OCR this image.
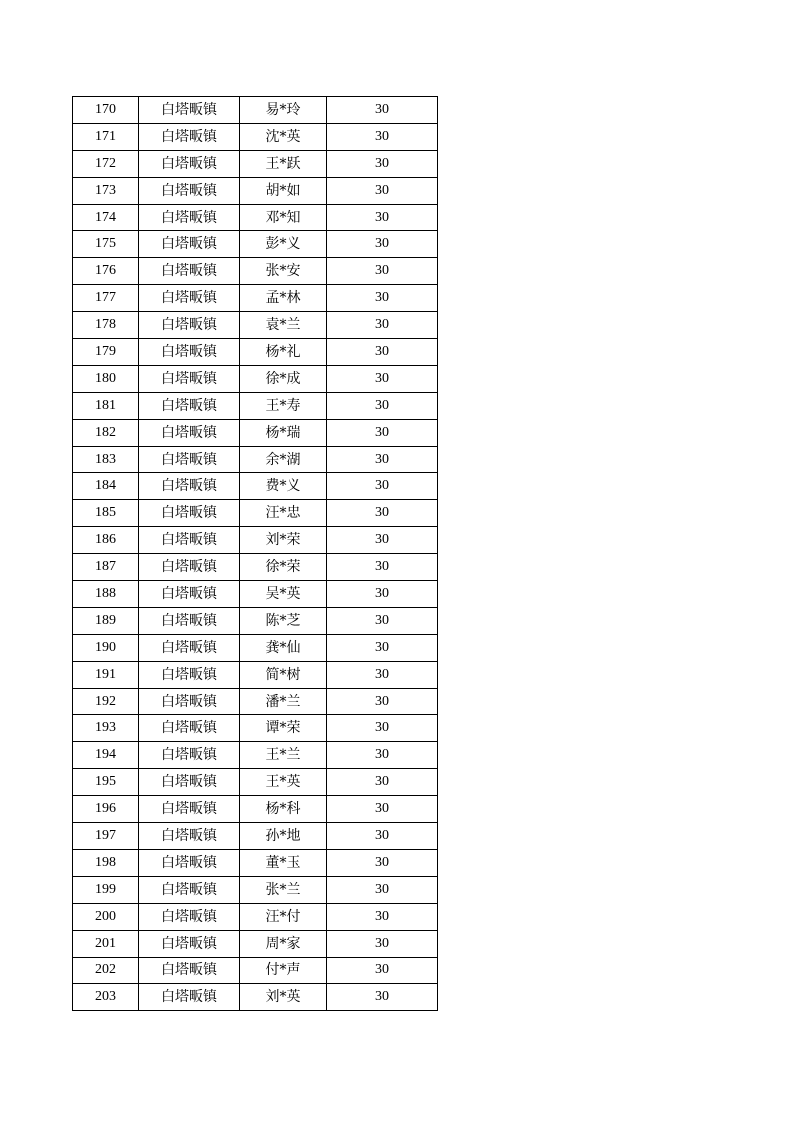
170	白塔畈镇	易*玲	30
171	白塔畈镇	沈*英	30
172	白塔畈镇	王*跃	30
173	白塔畈镇	胡*如	30
174	白塔畈镇	邓*知	30
175	白塔畈镇	彭*义	30
176	白塔畈镇	张*安	30
177	白塔畈镇	孟*林	30
178	白塔畈镇	袁*兰	30
179	白塔畈镇	杨*礼	30
180	白塔畈镇	徐*成	30
181	白塔畈镇	王*寿	30
182	白塔畈镇	杨*瑞	30
183	白塔畈镇	余*湖	30
184	白塔畈镇	费*义	30
185	白塔畈镇	汪*忠	30
186	白塔畈镇	刘*荣	30
187	白塔畈镇	徐*荣	30
188	白塔畈镇	吴*英	30
189	白塔畈镇	陈*芝	30
190	白塔畈镇	龚*仙	30
191	白塔畈镇	简*树	30
192	白塔畈镇	潘*兰	30
193	白塔畈镇	谭*荣	30
194	白塔畈镇	王*兰	30
195	白塔畈镇	王*英	30
196	白塔畈镇	杨*科	30
197	白塔畈镇	孙*地	30
198	白塔畈镇	董*玉	30
199	白塔畈镇	张*兰	30
200	白塔畈镇	汪*付	30
201	白塔畈镇	周*家	30
202	白塔畈镇	付*声	30
203	白塔畈镇	刘*英	30
